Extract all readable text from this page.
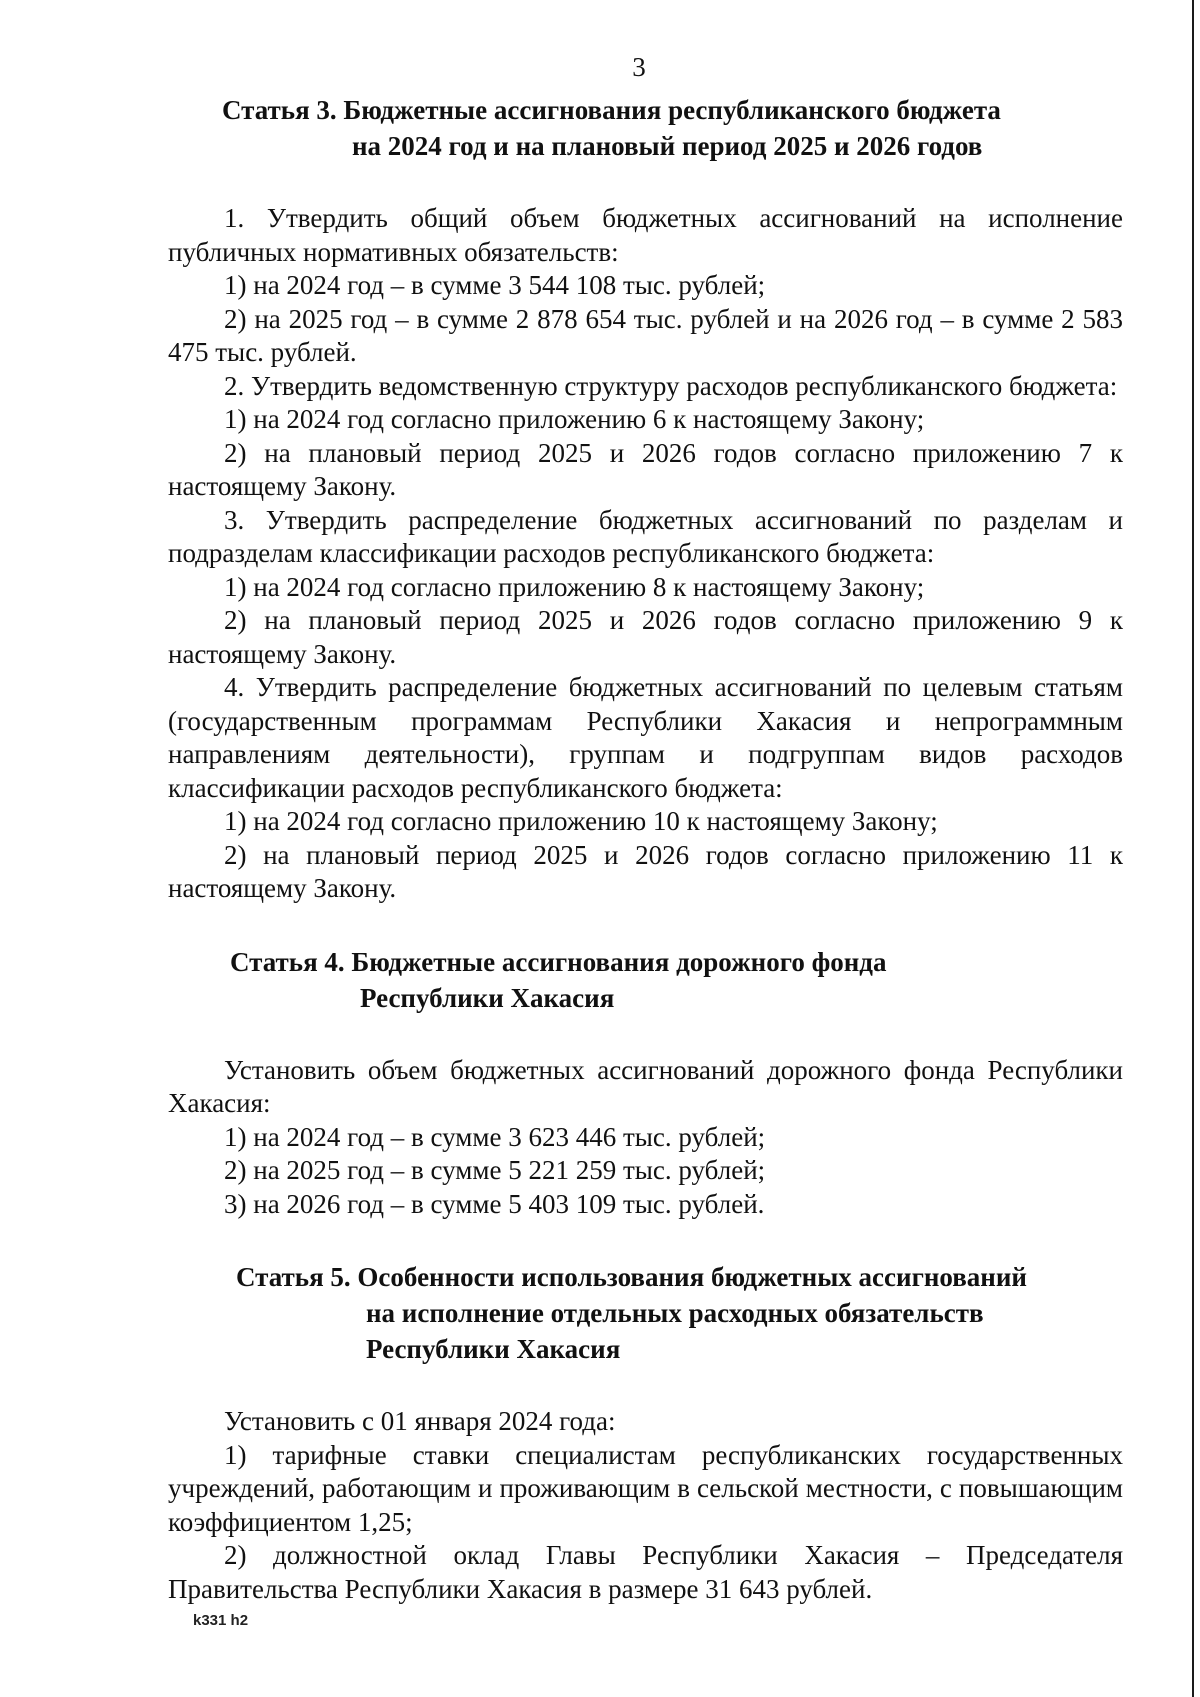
3
Статья 3. Бюджетные ассигнования республиканского бюджета
на 2024 год и на плановый период 2025 и 2026 годов

1. Утвердить общий объем бюджетных ассигнований на исполнение публичных нормативных обязательств:

1) на 2024 год – в сумме 3 544 108 тыс. рублей;

2) на 2025 год – в сумме 2 878 654 тыс. рублей и на 2026 год – в сумме 2 583 475 тыс. рублей.

2. Утвердить ведомственную структуру расходов республиканского бюджета:

1) на 2024 год согласно приложению 6 к настоящему Закону;

2) на плановый период 2025 и 2026 годов согласно приложению 7 к настоящему Закону.

3. Утвердить распределение бюджетных ассигнований по разделам и подразделам классификации расходов республиканского бюджета:

1) на 2024 год согласно приложению 8 к настоящему Закону;

2) на плановый период 2025 и 2026 годов согласно приложению 9 к настоящему Закону.

4. Утвердить распределение бюджетных ассигнований по целевым статьям (государственным программам Республики Хакасия и непрограммным направлениям деятельности), группам и подгруппам видов расходов классификации расходов республиканского бюджета:

1) на 2024 год согласно приложению 10 к настоящему Закону;

2) на плановый период 2025 и 2026 годов согласно приложению 11 к настоящему Закону.

Статья 4. Бюджетные ассигнования дорожного фонда
Республики Хакасия

Установить объем бюджетных ассигнований дорожного фонда Республики Хакасия:

1) на 2024 год – в сумме 3 623 446 тыс. рублей;

2) на 2025 год – в сумме 5 221 259 тыс. рублей;

3) на 2026 год – в сумме 5 403 109 тыс. рублей.

Статья 5. Особенности использования бюджетных ассигнований
на исполнение отдельных расходных обязательств
Республики Хакасия

Установить с 01 января 2024 года:

1) тарифные ставки специалистам республиканских государственных учреждений, работающим и проживающим в сельской местности, с повышающим коэффициентом 1,25;

2) должностной оклад Главы Республики Хакасия – Председателя Правительства Республики Хакасия в размере 31 643 рублей.

k331 h2
